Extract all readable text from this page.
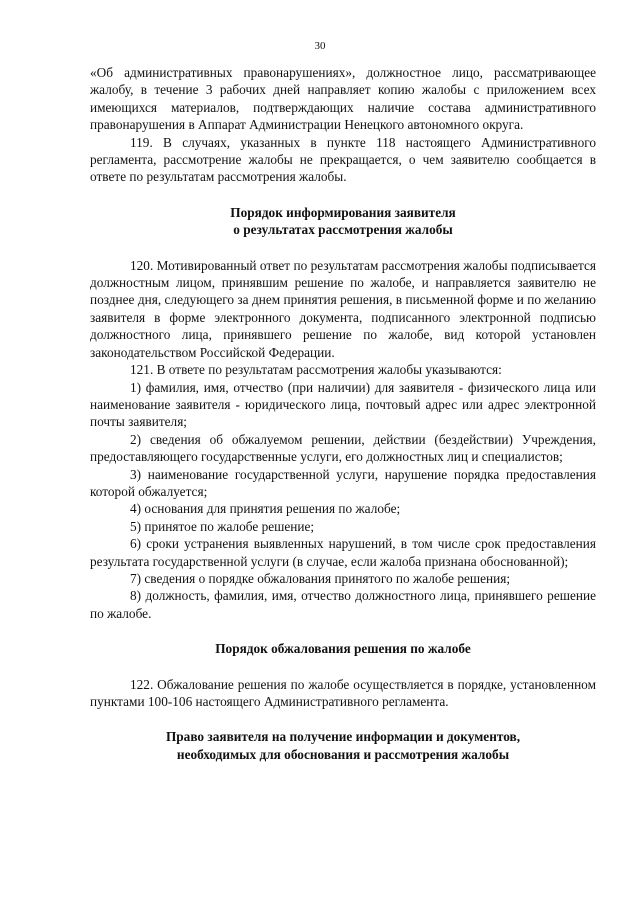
30

«Об административных правонарушениях», должностное лицо, рассматривающее жалобу, в течение 3 рабочих дней направляет копию жалобы с приложением всех имеющихся материалов, подтверждающих наличие состава административного правонарушения в Аппарат Администрации Ненецкого автономного округа.

119. В случаях, указанных в пункте 118 настоящего Административного регламента, рассмотрение жалобы не прекращается, о чем заявителю сообщается в ответе по результатам рассмотрения жалобы.

Порядок информирования заявителя

о результатах рассмотрения жалобы

120. Мотивированный ответ по результатам рассмотрения жалобы подписывается должностным лицом, принявшим решение по жалобе, и направляется заявителю не позднее дня, следующего за днем принятия решения, в письменной форме и по желанию заявителя в форме электронного документа, подписанного электронной подписью должностного лица, принявшего решение по жалобе, вид которой установлен законодательством Российской Федерации.

121. В ответе по результатам рассмотрения жалобы указываются:

1) фамилия, имя, отчество (при наличии) для заявителя - физического лица или наименование заявителя - юридического лица, почтовый адрес или адрес электронной почты заявителя;

2) сведения об обжалуемом решении, действии (бездействии) Учреждения, предоставляющего государственные услуги, его должностных лиц и специалистов;

3) наименование государственной услуги, нарушение порядка предоставления которой обжалуется;

4) основания для принятия решения по жалобе;

5) принятое по жалобе решение;

6) сроки устранения выявленных нарушений, в том числе срок предоставления результата государственной услуги (в случае, если жалоба признана обоснованной);

7) сведения о порядке обжалования принятого по жалобе решения;

8) должность, фамилия, имя, отчество должностного лица, принявшего решение по жалобе.

Порядок обжалования решения по жалобе

122. Обжалование решения по жалобе осуществляется в порядке, установленном пунктами 100-106 настоящего Административного регламента.

Право заявителя на получение информации и документов,

необходимых для обоснования и рассмотрения жалобы
